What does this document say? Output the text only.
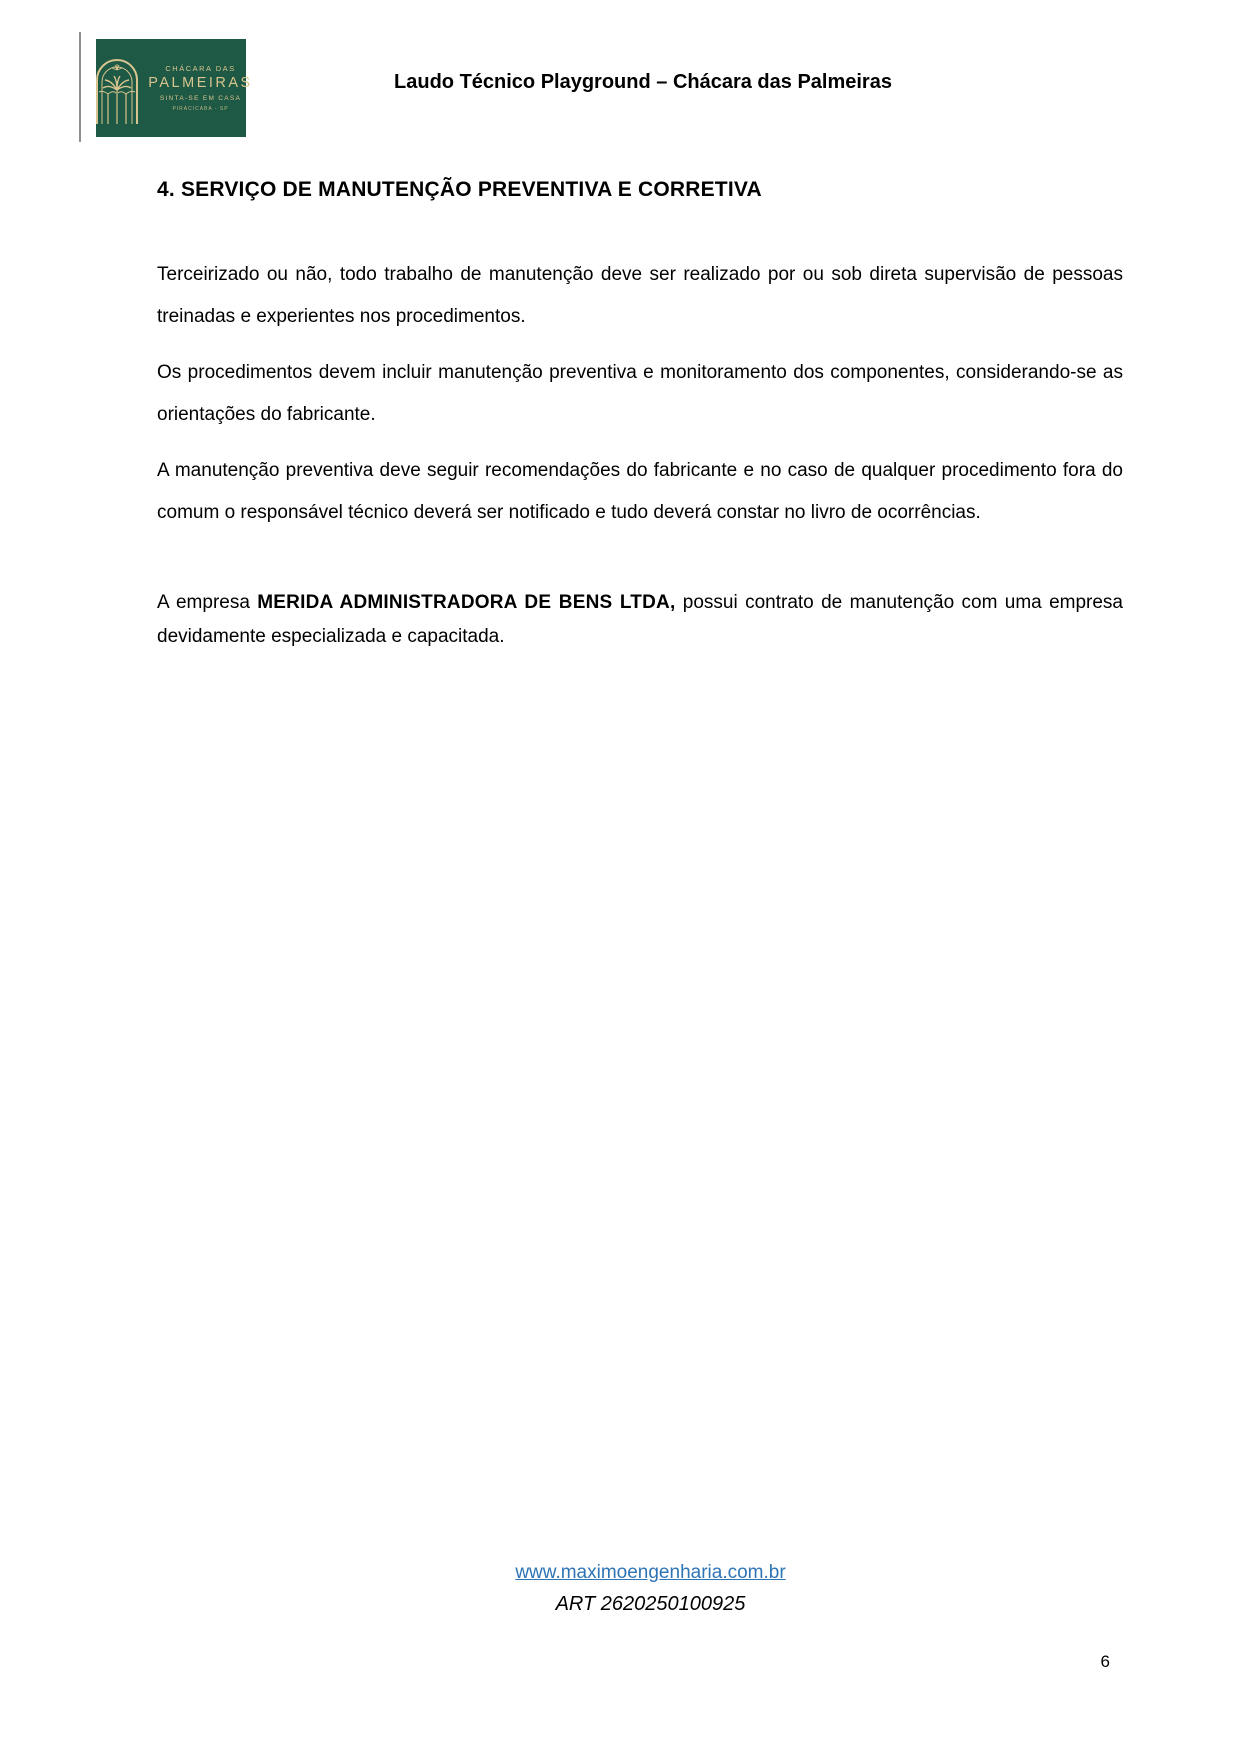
CHÁCARA DAS
PALMEIRAS
SINTA-SE EM CASA
PIRACICABA - SP
Laudo Técnico Playground – Chácara das Palmeiras
4. SERVIÇO DE MANUTENÇÃO PREVENTIVA E CORRETIVA

Terceirizado ou não, todo trabalho de manutenção deve ser realizado por ou sob direta supervisão de pessoas treinadas e experientes nos procedimentos.

Os procedimentos devem incluir manutenção preventiva e monitoramento dos componentes, considerando-se as orientações do fabricante.

A manutenção preventiva deve seguir recomendações do fabricante e no caso de qualquer procedimento fora do comum o responsável técnico deverá ser notificado e tudo deverá constar no livro de ocorrências.

A empresa MERIDA ADMINISTRADORA DE BENS LTDA, possui contrato de manutenção com uma empresa devidamente especializada e capacitada.

www.maximoengenharia.com.br
ART 2620250100925
6
